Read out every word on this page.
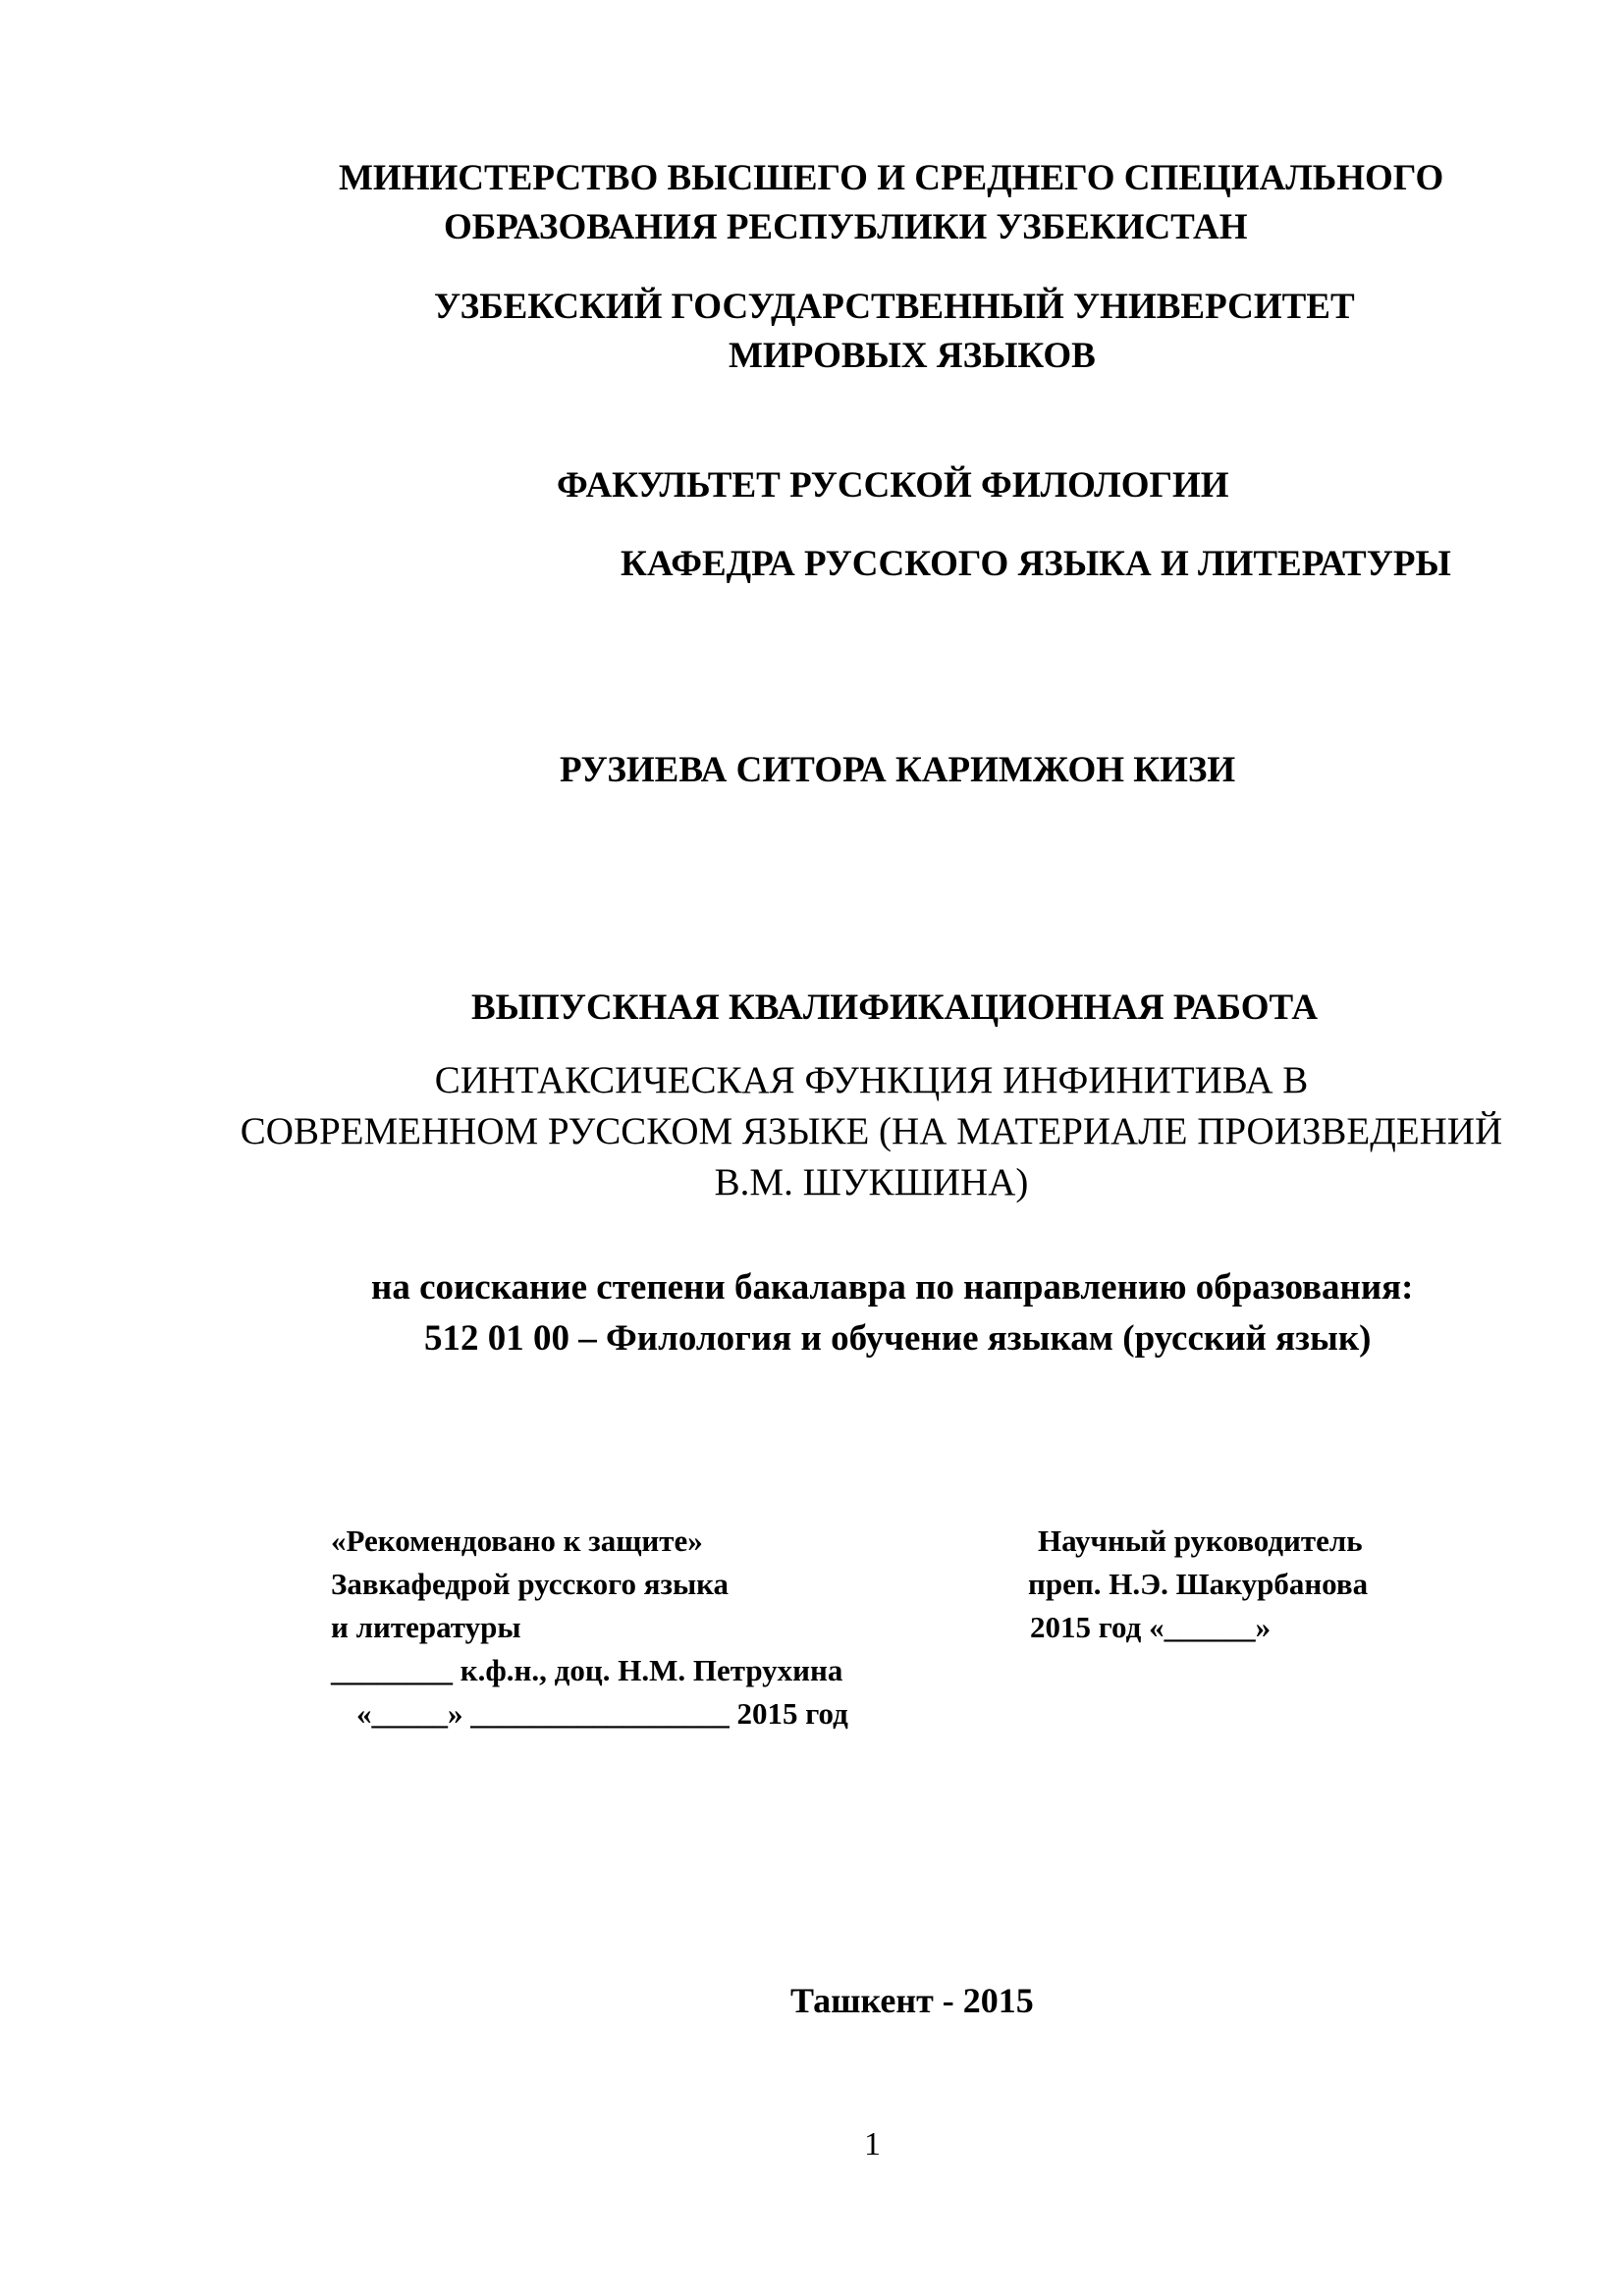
МИНИСТЕРСТВО ВЫСШЕГО И СРЕДНЕГО СПЕЦИАЛЬНОГО
ОБРАЗОВАНИЯ РЕСПУБЛИКИ УЗБЕКИСТАН
УЗБЕКСКИЙ ГОСУДАРСТВЕННЫЙ УНИВЕРСИТЕТ
МИРОВЫХ ЯЗЫКОВ
ФАКУЛЬТЕТ РУССКОЙ ФИЛОЛОГИИ
КАФЕДРА РУССКОГО ЯЗЫКА И ЛИТЕРАТУРЫ
РУЗИЕВА СИТОРА КАРИМЖОН КИЗИ
ВЫПУСКНАЯ КВАЛИФИКАЦИОННАЯ РАБОТА
СИНТАКСИЧЕСКАЯ ФУНКЦИЯ ИНФИНИТИВА В
СОВРЕМЕННОМ РУССКОМ ЯЗЫКЕ (НА МАТЕРИАЛЕ ПРОИЗВЕДЕНИЙ
В.М. ШУКШИНА)
на соискание степени бакалавра по направлению образования:
512 01 00 – Филология и обучение языкам (русский язык)
«Рекомендовано к защите»
Завкафедрой русского языка
и литературы
________ к.ф.н., доц. Н.М. Петрухина
«_____» _________________ 2015 год
Научный руководитель
преп. Н.Э. Шакурбанова
2015 год «______»
Ташкент - 2015
1
